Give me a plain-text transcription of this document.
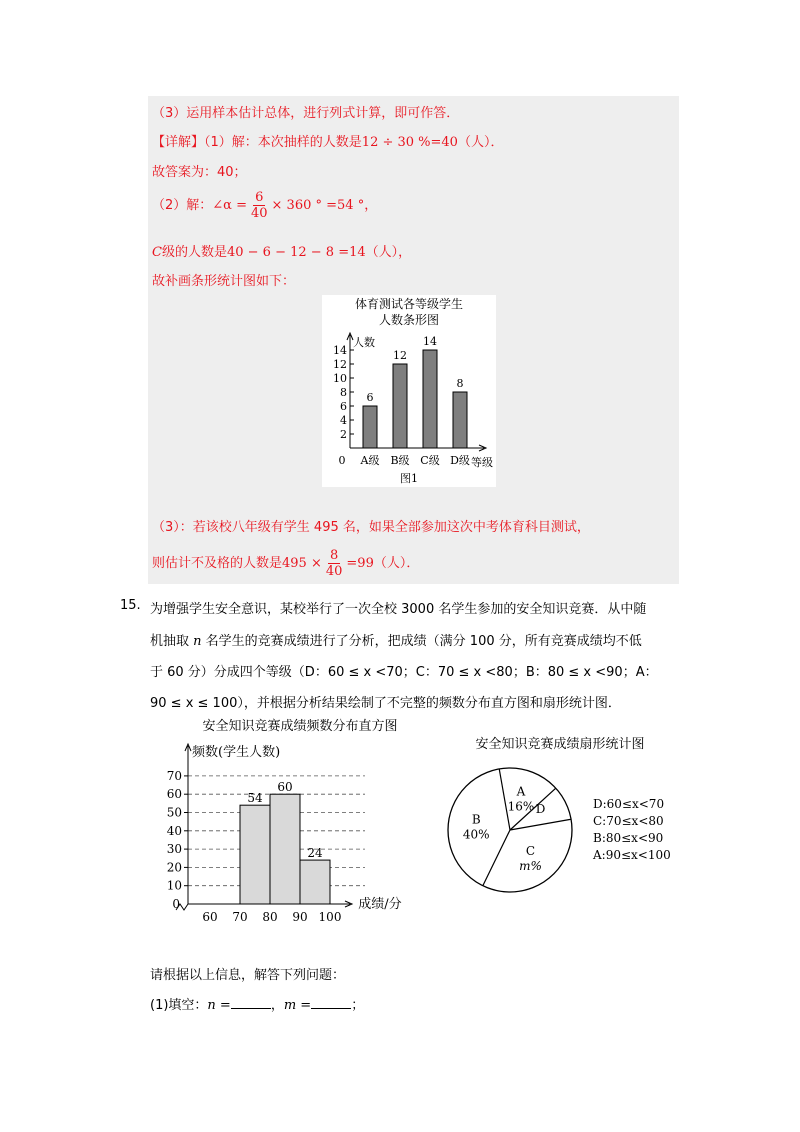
（3）运用样本估计总体，进行列式计算，即可作答．
【详解】（1）解：本次抽样的人数是12 ÷ 30 %=40（人）．
故答案为：40；
（2）解：∠α = $\frac{6}{40} \times 360$ ° =54 °，
C级的人数是40 − 6 − 12 − 8 =14（人），
故补画条形统计图如下：
体育测试各等级学生
人数条形图
人数
0
2
4
6
8
10
12
14
6
A级
12
B级
14
C级
8
D级 等级
图1
（3）：若该校八年级有学生 495 名，如果全部参加这次中考体育科目测试，
则估计不及格的人数是$495 \times \frac{8}{40} =99$（人）．
15. 为增强学生安全意识，某校举行了一次全校 3000 名学生参加的安全知识竞赛．从中随
机抽取 n 名学生的竞赛成绩进行了分析，把成绩（满分 100 分，所有竞赛成绩均不低
于 60 分）分成四个等级（D：60 ≤ x <70；C：70 ≤ x <80；B：80 ≤ x <90；A：
90 ≤ x ≤ 100），并根据分析结果绘制了不完整的频数分布直方图和扇形统计图．
安全知识竞赛成绩频数分布直方图
频数(学生人数)
10
20
30
40
50
60
70
0
60 70 80 90 100
54
60
24
成绩/分
安全知识竞赛成绩扇形统计图
A
16% D
C
m%
B
40%
D:60≤x<70
C:70≤x<80
B:80≤x<90
A:90≤x<100
请根据以上信息，解答下列问题：
(1)填空：n =	，m =	；
